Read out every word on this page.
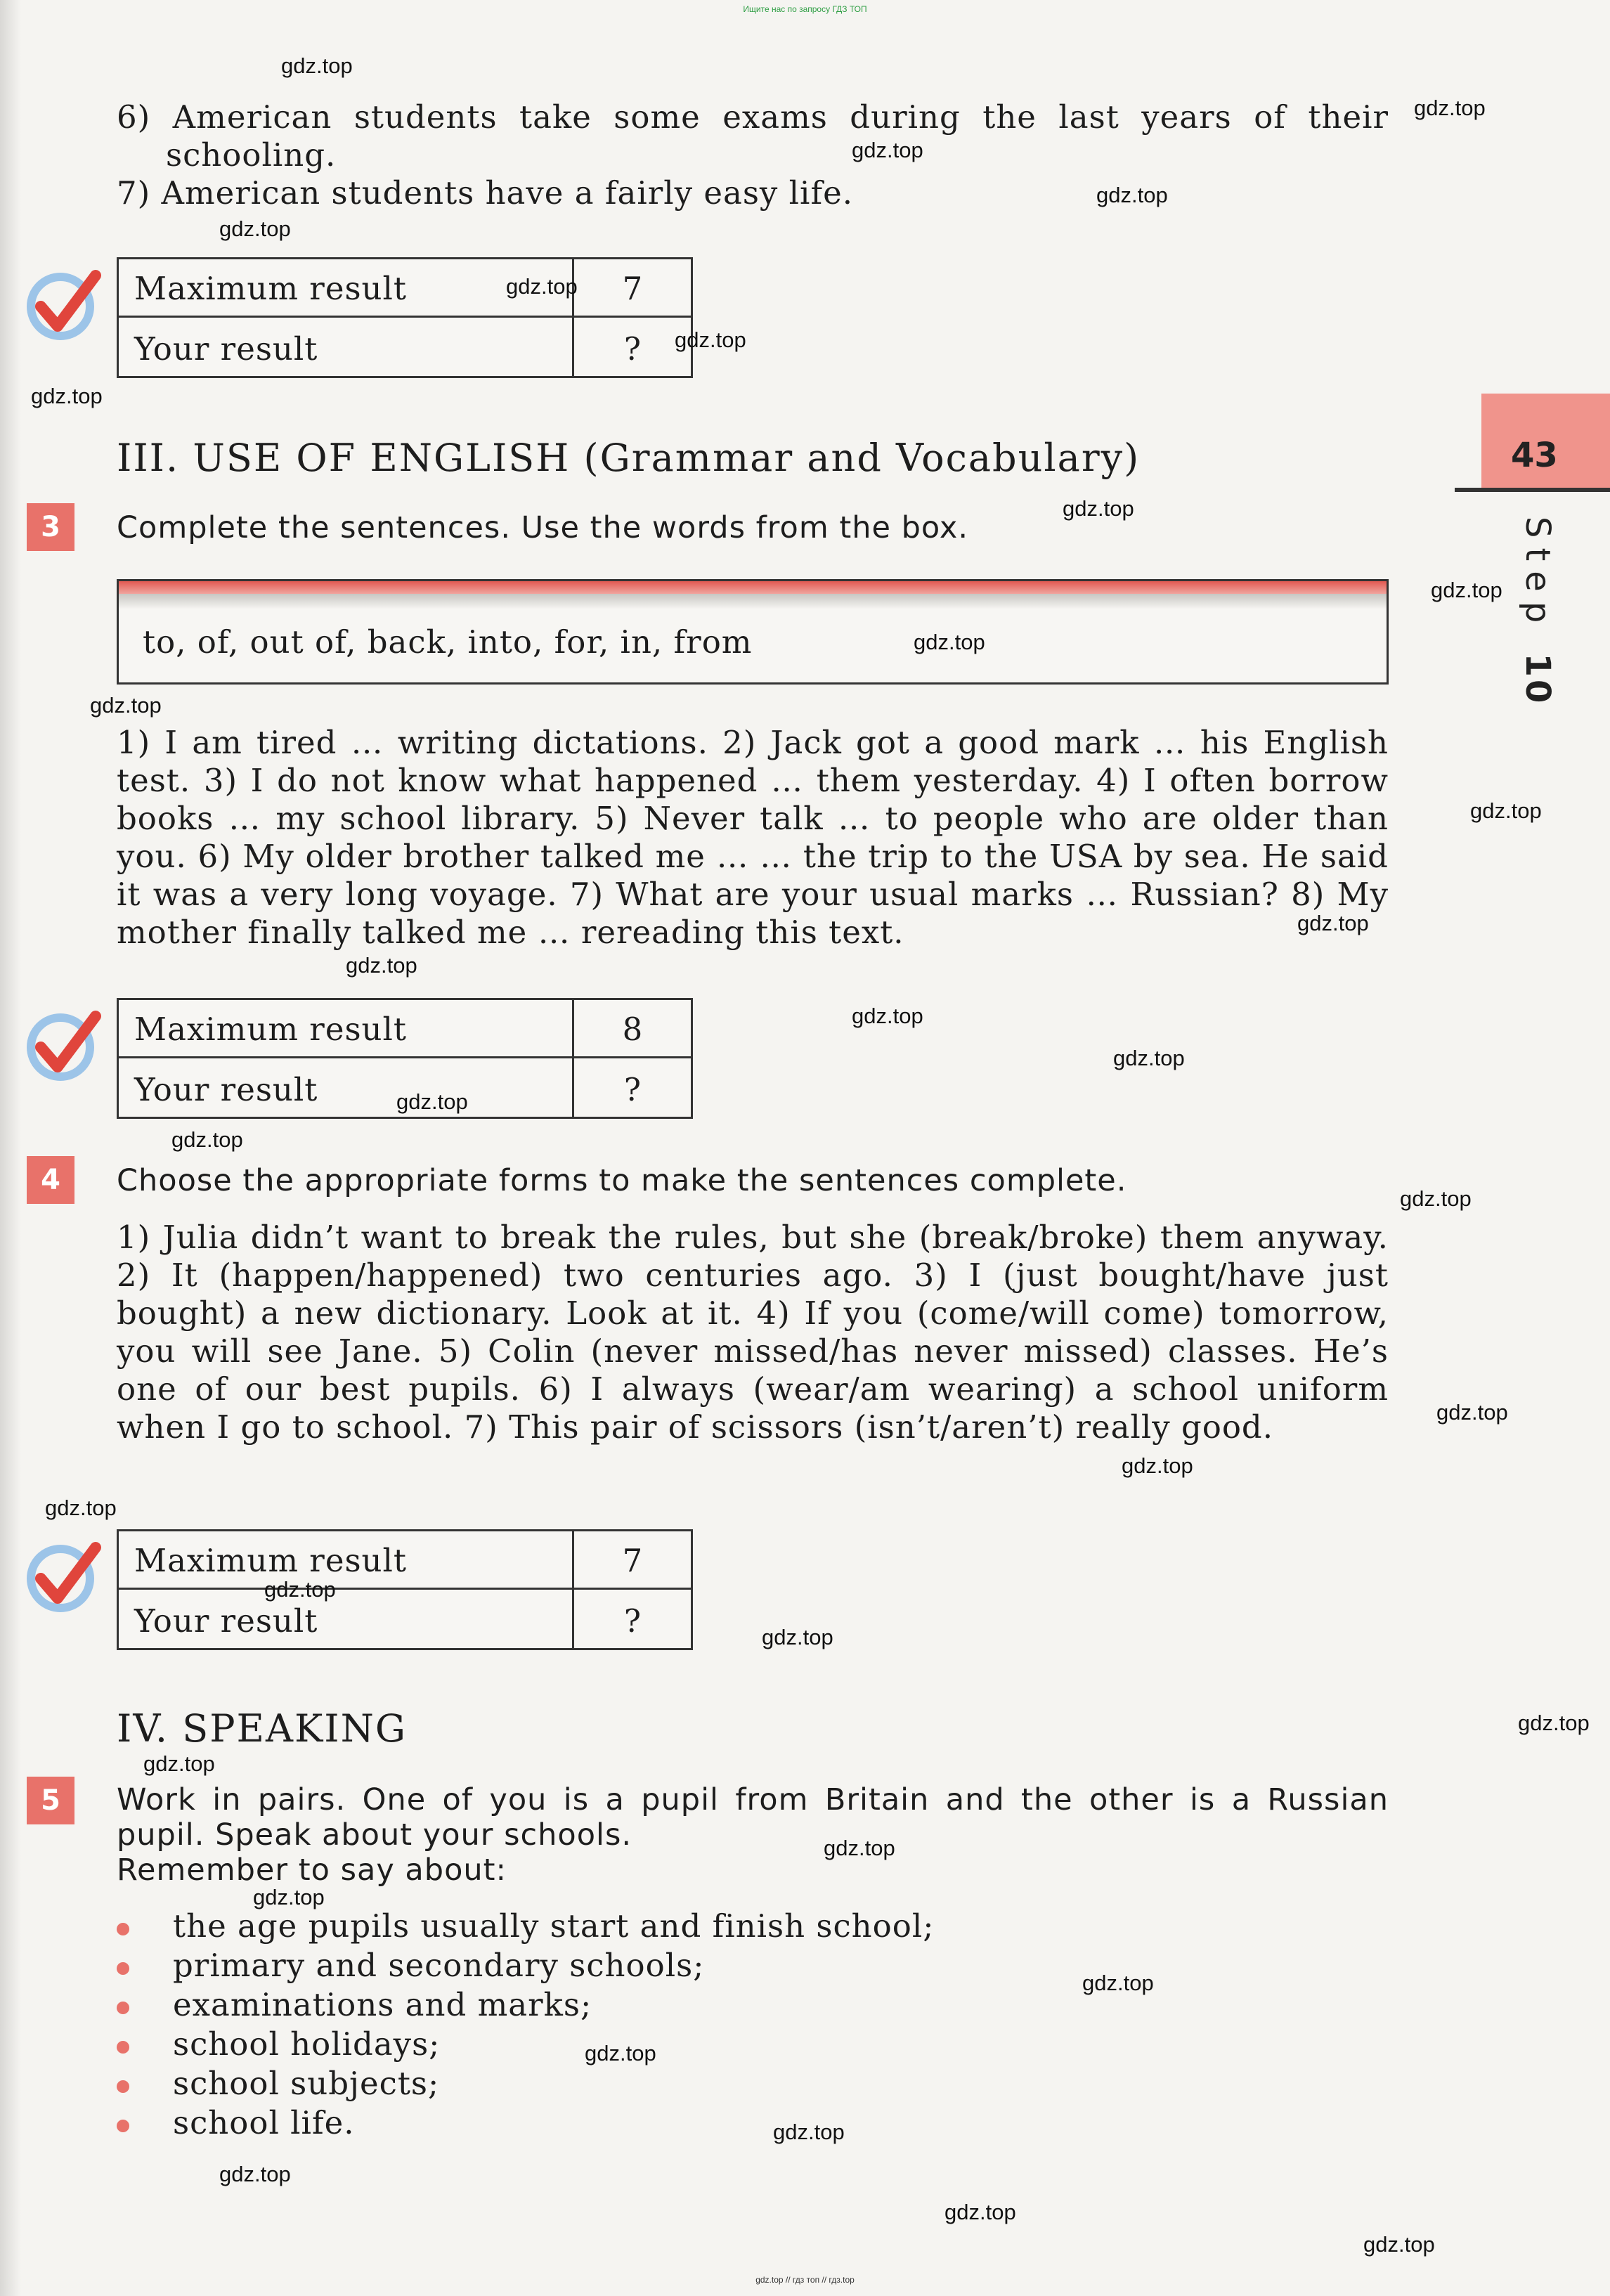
Ищите нас по запросу ГДЗ ТОП
6) American students take some exams during the last years of their
schooling.
7) American students have a fairly easy life.
Maximum result	7
Your result	?
III. USE OF ENGLISH (Grammar and Vocabulary)
3	Complete the sentences. Use the words from the box.
to, of, out of, back, into, for, in, from
1) I am tired … writing dictations. 2) Jack got a good mark … his English test. 3) I do not know what happened … them yesterday. 4) I often borrow books … my school library. 5) Never talk … to people who are older than you. 6) My older brother talked me … … the trip to the USA by sea. He said it was a very long voyage. 7) What are your usual marks … Russian? 8) My mother finally talked me … rereading this text.
Maximum result	8
Your result	?
4	Choose the appropriate forms to make the sentences complete.
1) Julia didn’t want to break the rules, but she (break/broke) them anyway. 2) It (happen/happened) two centuries ago. 3) I (just bought/have just bought) a new dictionary. Look at it. 4) If you (come/will come) tomorrow, you will see Jane. 5) Colin (never missed/has never missed) classes. He’s one of our best pupils. 6) I always (wear/am wearing) a school uniform when I go to school. 7) This pair of scissors (isn’t/aren’t) really good.
Maximum result	7
Your result	?
IV. SPEAKING
5	Work in pairs. One of you is a pupil from Britain and the other is a Russian
pupil. Speak about your schools.
Remember to say about:
the age pupils usually start and finish school;
primary and secondary schools;
examinations and marks;
school holidays;
school subjects;
school life.
43
Step 10
gdz.top
gdz.top
gdz.top
gdz.top
gdz.top
gdz.top
gdz.top
gdz.top
gdz.top
gdz.top
gdz.top
gdz.top
gdz.top
gdz.top
gdz.top
gdz.top
gdz.top
gdz.top
gdz.top
gdz.top
gdz.top
gdz.top
gdz.top
gdz.top
gdz.top
gdz.top
gdz.top
gdz.top
gdz.top
gdz.top
gdz.top
gdz.top
gdz.top
gdz.top
gdz.top
gdz.top // гдз топ // гдз.top
